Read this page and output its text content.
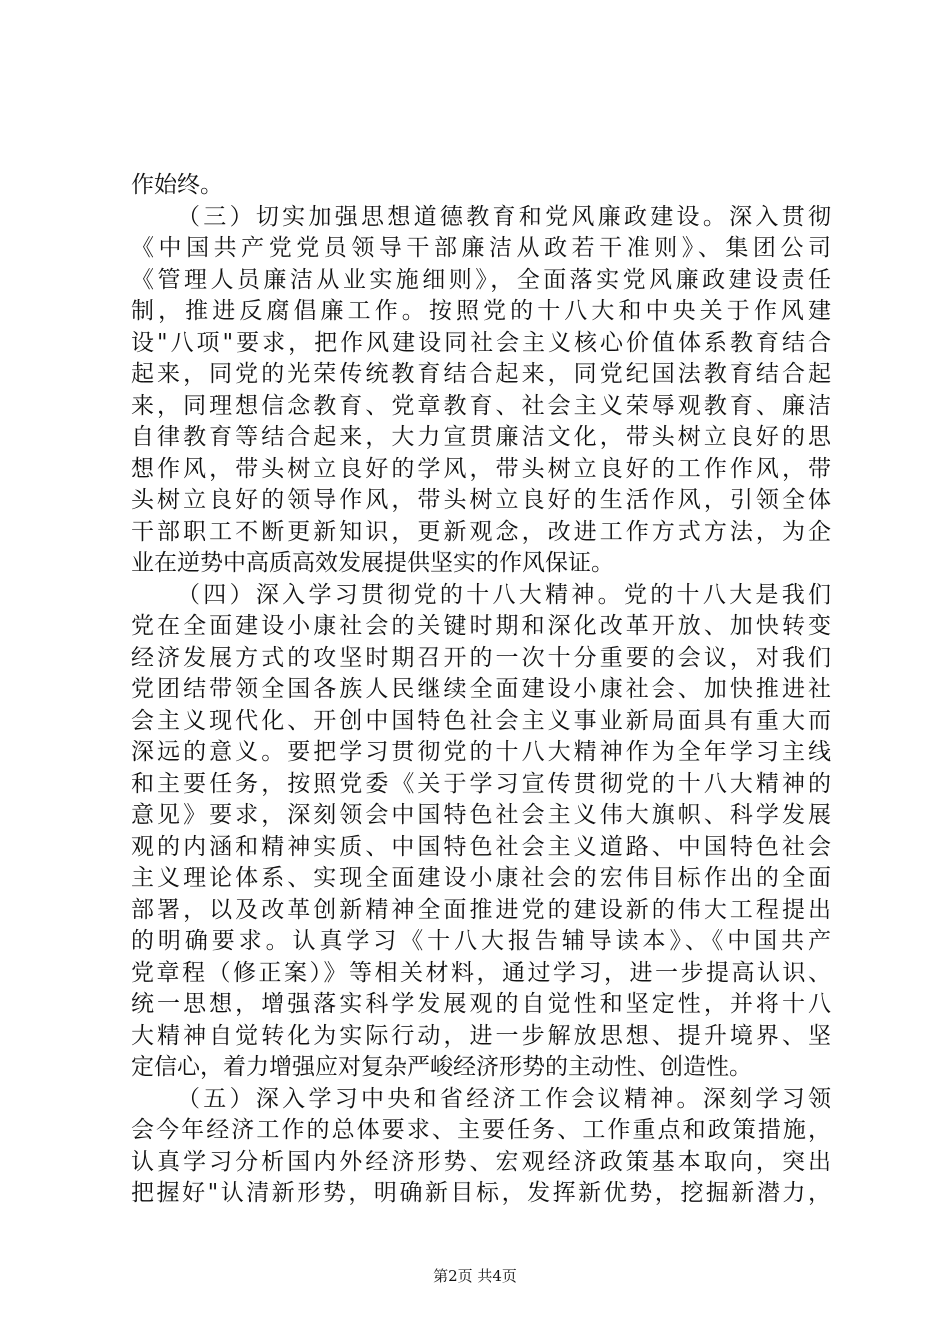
作始终。
（三）切实加强思想道德教育和党风廉政建设。深入贯彻
《中国共产党党员领导干部廉洁从政若干准则》、集团公司
《管理人员廉洁从业实施细则》，全面落实党风廉政建设责任
制，推进反腐倡廉工作。按照党的十八大和中央关于作风建
设"八项"要求，把作风建设同社会主义核心价值体系教育结合
起来，同党的光荣传统教育结合起来，同党纪国法教育结合起
来，同理想信念教育、党章教育、社会主义荣辱观教育、廉洁
自律教育等结合起来，大力宣贯廉洁文化，带头树立良好的思
想作风，带头树立良好的学风，带头树立良好的工作作风，带
头树立良好的领导作风，带头树立良好的生活作风，引领全体
干部职工不断更新知识，更新观念，改进工作方式方法，为企
业在逆势中高质高效发展提供坚实的作风保证。
（四）深入学习贯彻党的十八大精神。党的十八大是我们
党在全面建设小康社会的关键时期和深化改革开放、加快转变
经济发展方式的攻坚时期召开的一次十分重要的会议，对我们
党团结带领全国各族人民继续全面建设小康社会、加快推进社
会主义现代化、开创中国特色社会主义事业新局面具有重大而
深远的意义。要把学习贯彻党的十八大精神作为全年学习主线
和主要任务，按照党委《关于学习宣传贯彻党的十八大精神的
意见》要求，深刻领会中国特色社会主义伟大旗帜、科学发展
观的内涵和精神实质、中国特色社会主义道路、中国特色社会
主义理论体系、实现全面建设小康社会的宏伟目标作出的全面
部署，以及改革创新精神全面推进党的建设新的伟大工程提出
的明确要求。认真学习《十八大报告辅导读本》、《中国共产
党章程（修正案）》等相关材料，通过学习，进一步提高认识、
统一思想，增强落实科学发展观的自觉性和坚定性，并将十八
大精神自觉转化为实际行动，进一步解放思想、提升境界、坚
定信心，着力增强应对复杂严峻经济形势的主动性、创造性。
（五）深入学习中央和省经济工作会议精神。深刻学习领
会今年经济工作的总体要求、主要任务、工作重点和政策措施，
认真学习分析国内外经济形势、宏观经济政策基本取向，突出
把握好"认清新形势，明确新目标，发挥新优势，挖掘新潜力，
第2页 共4页
